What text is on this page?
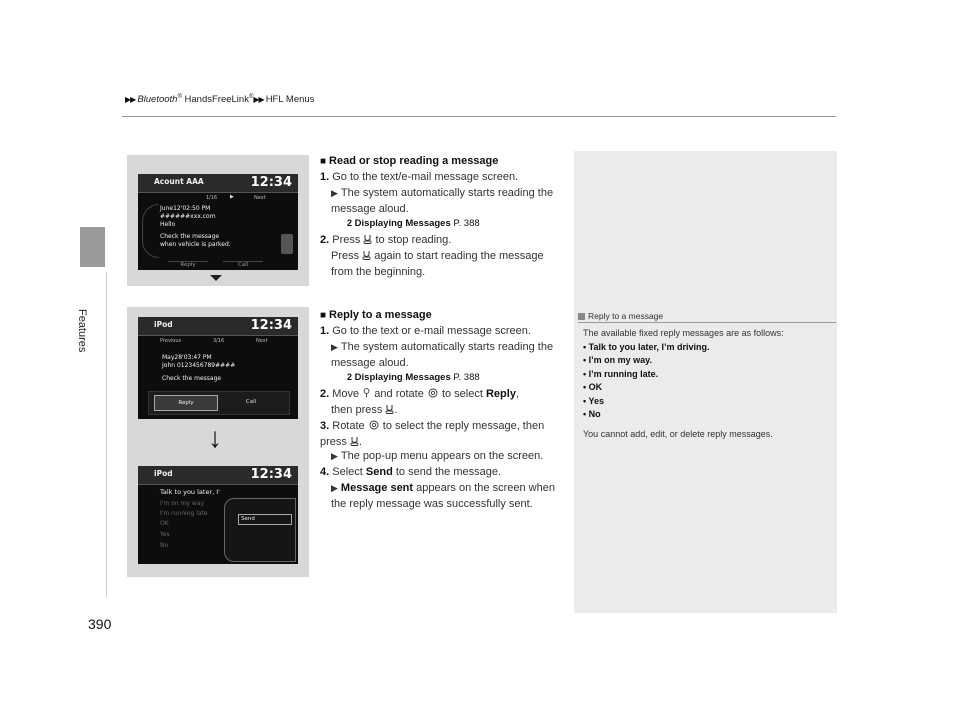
▶▶ Bluetooth® HandsFreeLink®▶▶ HFL Menus
Features
390
Acount AAA	12:34
1/16	▶	Next
June12'02:50 PM
######xxx.com
Hello
Check the message
when vehicle is parked.
Reply	Call
iPod	12:34
Previous	3/16	Next
May28'03:47 PM
John 0123456789####
Check the message
Reply	Call
↓
iPod	12:34
Talk to you later, I'
I'm on my way
I'm running late
OK
Yes
No
Send
■ Read or stop reading a message
1. Go to the text/e-mail message screen.
▶ The system automatically starts reading the message aloud.
2 Displaying Messages P. 388
2. Press to stop reading.
Press again to start reading the message from the beginning.
■ Reply to a message
1. Go to the text or e-mail message screen.
▶ The system automatically starts reading the message aloud.
2 Displaying Messages P. 388
2. Move and rotate to select Reply,
then press .
3. Rotate to select the reply message, then press .
▶ The pop-up menu appears on the screen.
4. Select Send to send the message.
▶ Message sent appears on the screen when the reply message was successfully sent.
Reply to a message
The available fixed reply messages are as follows:
• Talk to you later, I’m driving.
• I’m on my way.
• I’m running late.
• OK
• Yes
• No
You cannot add, edit, or delete reply messages.
